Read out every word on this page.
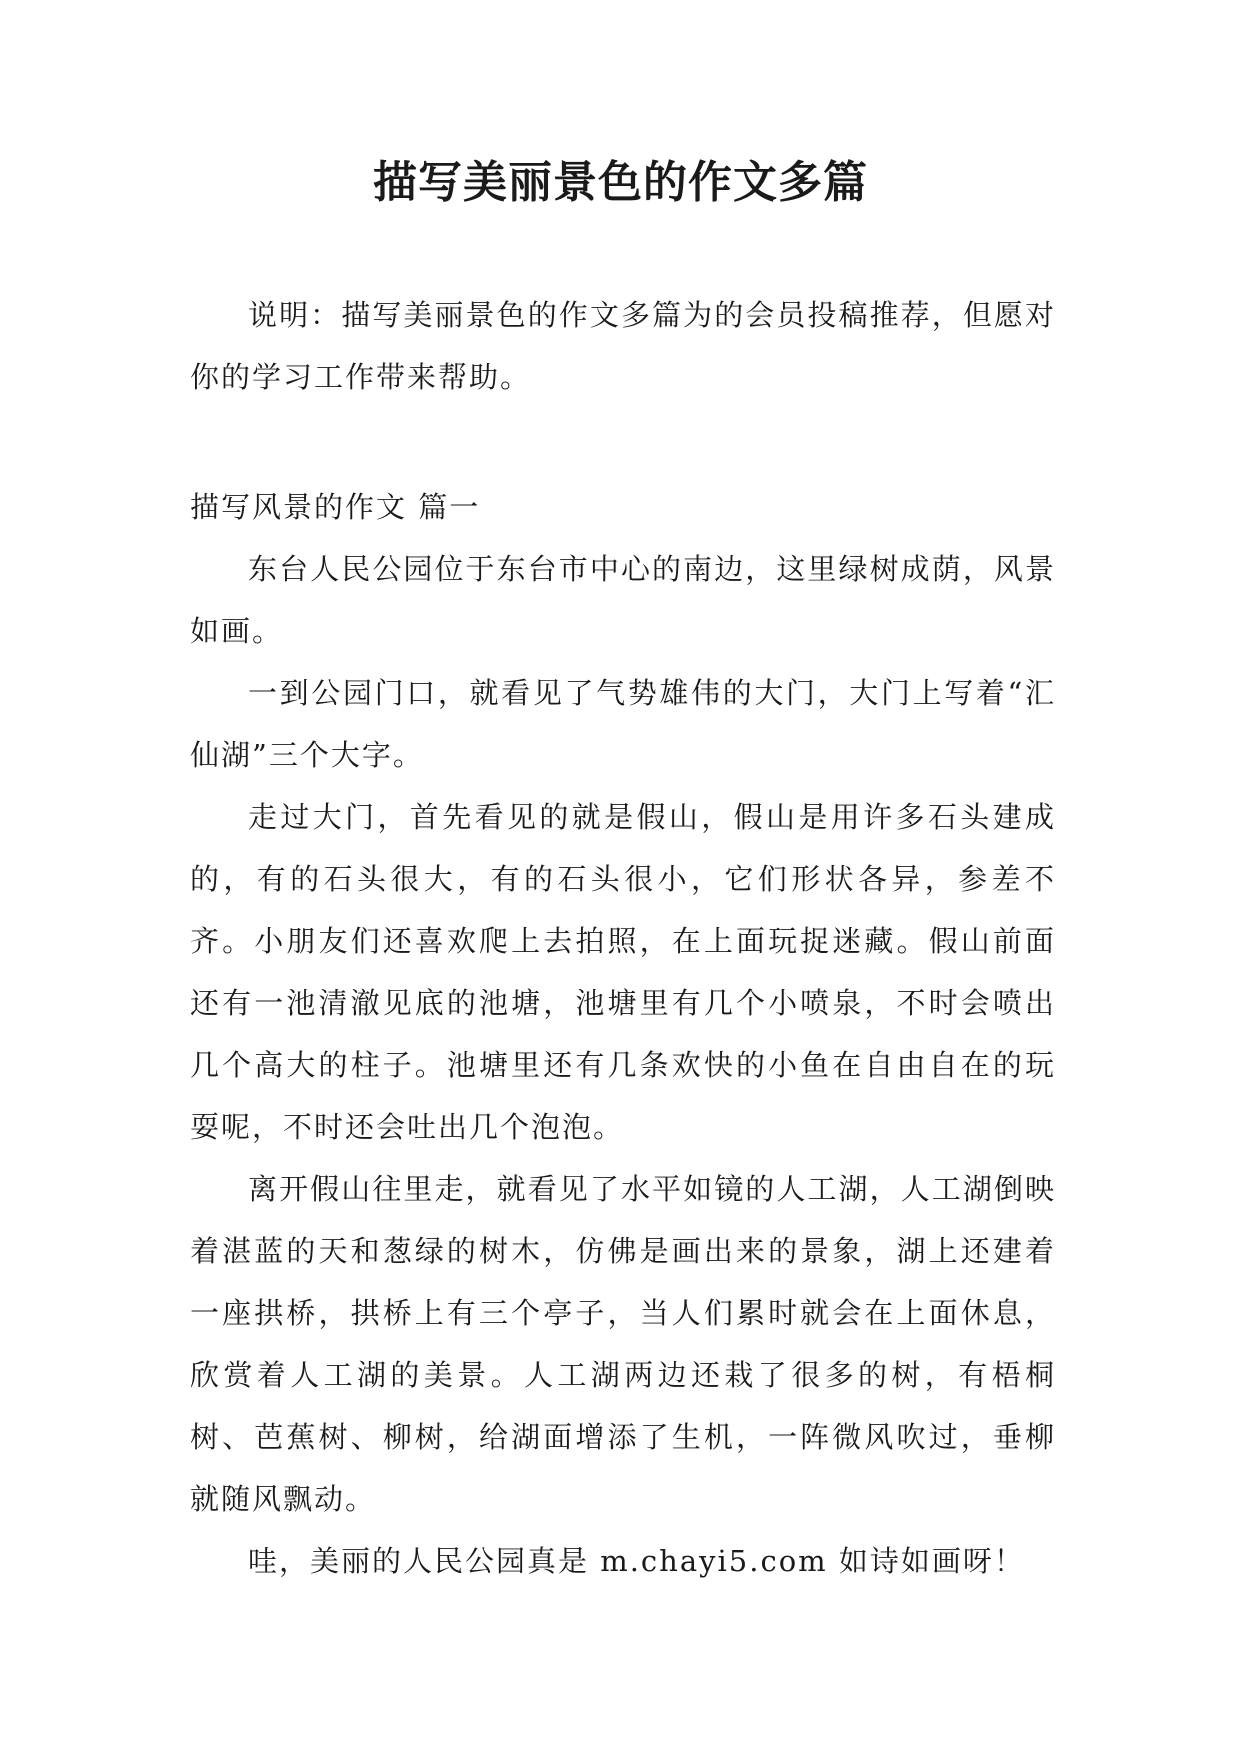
描写美丽景色的作文多篇

说明：描写美丽景色的作文多篇为的会员投稿推荐，但愿对你的学习工作带来帮助。

描写风景的作文 篇一

东台人民公园位于东台市中心的南边，这里绿树成荫，风景如画。

一到公园门口，就看见了气势雄伟的大门，大门上写着“汇仙湖”三个大字。

走过大门，首先看见的就是假山，假山是用许多石头建成的，有的石头很大，有的石头很小，它们形状各异，参差不齐。小朋友们还喜欢爬上去拍照，在上面玩捉迷藏。假山前面还有一池清澈见底的池塘，池塘里有几个小喷泉，不时会喷出几个高大的柱子。池塘里还有几条欢快的小鱼在自由自在的玩耍呢，不时还会吐出几个泡泡。

离开假山往里走，就看见了水平如镜的人工湖，人工湖倒映着湛蓝的天和葱绿的树木，仿佛是画出来的景象，湖上还建着一座拱桥，拱桥上有三个亭子，当人们累时就会在上面休息，欣赏着人工湖的美景。人工湖两边还栽了很多的树，有梧桐树、芭蕉树、柳树，给湖面增添了生机，一阵微风吹过，垂柳就随风飘动。

哇，美丽的人民公园真是 m.chayi5.com 如诗如画呀！
